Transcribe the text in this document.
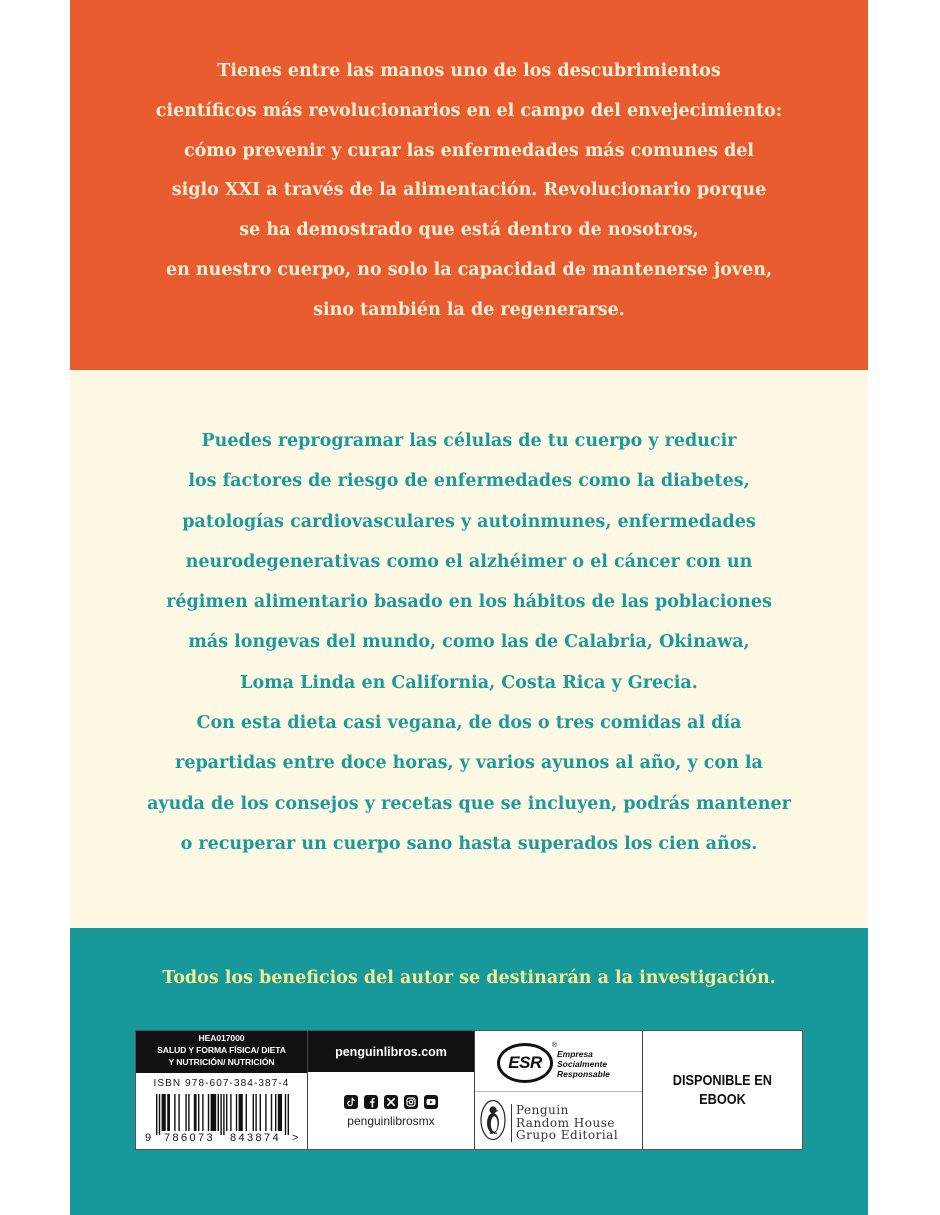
Tienes entre las manos uno de los descubrimientos
científicos más revolucionarios en el campo del envejecimiento:
cómo prevenir y curar las enfermedades más comunes del
siglo XXI a través de la alimentación. Revolucionario porque
se ha demostrado que está dentro de nosotros,
en nuestro cuerpo, no solo la capacidad de mantenerse joven,
sino también la de regenerarse.
Puedes reprogramar las células de tu cuerpo y reducir
los factores de riesgo de enfermedades como la diabetes,
patologías cardiovasculares y autoinmunes, enfermedades
neurodegenerativas como el alzhéimer o el cáncer con un
régimen alimentario basado en los hábitos de las poblaciones
más longevas del mundo, como las de Calabria, Okinawa,
Loma Linda en California, Costa Rica y Grecia.
Con esta dieta casi vegana, de dos o tres comidas al día
repartidas entre doce horas, y varios ayunos al año, y con la
ayuda de los consejos y recetas que se incluyen, podrás mantener
o recuperar un cuerpo sano hasta superados los cien años.
Todos los beneficios del autor se destinarán a la investigación.
HEA017000
SALUD Y FORMA FÍSICA/ DIETA
Y NUTRICIÓN/ NUTRICIÓN
ISBN 978-607-384-387-4
9	786073	843874 >
penguinlibros.com
penguinlibrosmx
ESR
®
Empresa
Socialmente
Responsable
Penguin
Random House
Grupo Editorial
DISPONIBLE EN
EBOOK
